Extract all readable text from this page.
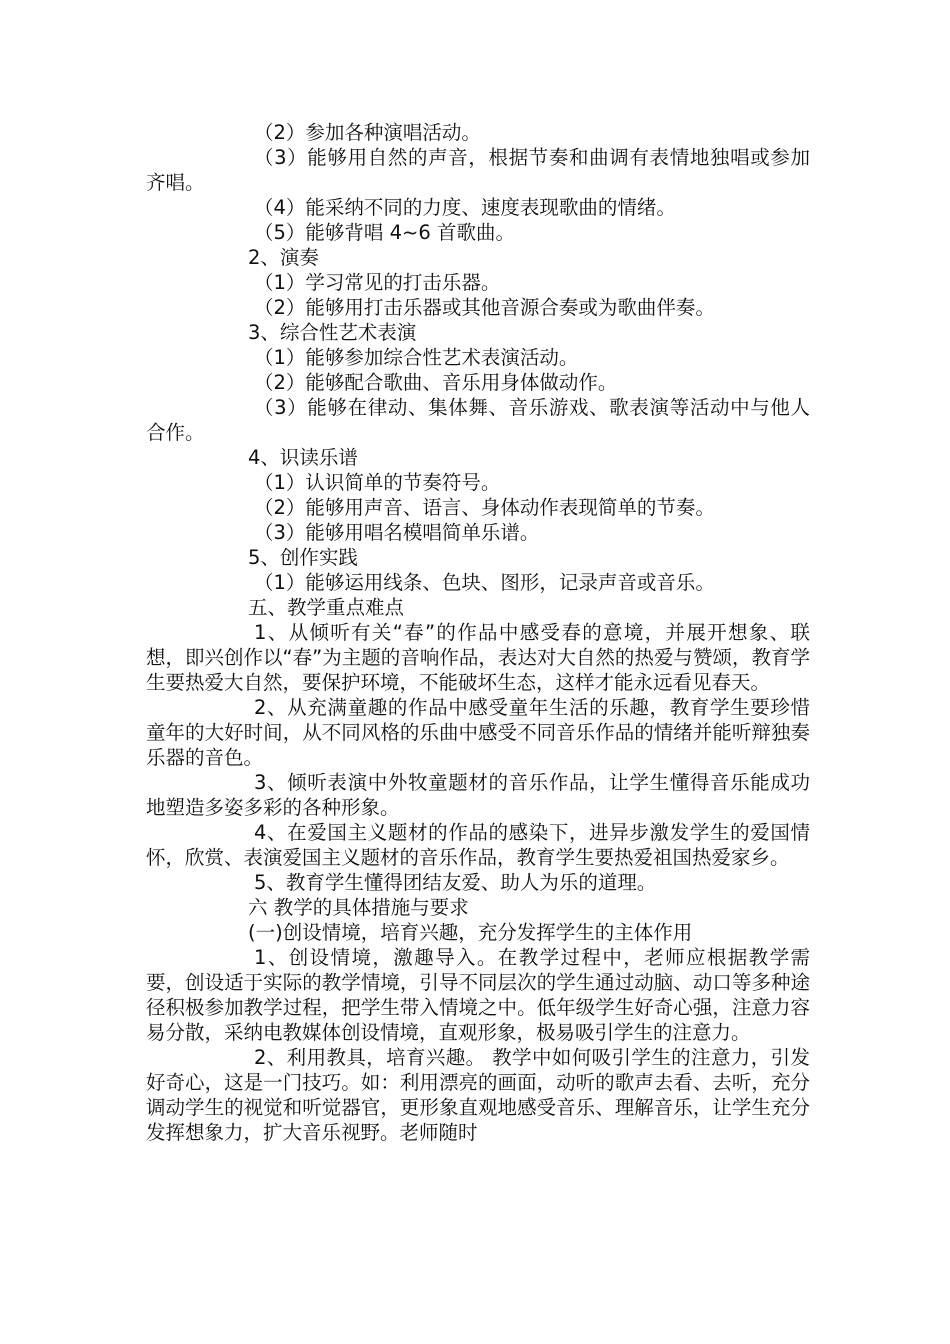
（2）参加各种演唱活动。
（3）能够用自然的声音，根据节奏和曲调有表情地独唱或参加齐唱。
（4）能采纳不同的力度、速度表现歌曲的情绪。
（5）能够背唱 4~6 首歌曲。
2、演奏
（1）学习常见的打击乐器。
（2）能够用打击乐器或其他音源合奏或为歌曲伴奏。
3、综合性艺术表演
（1）能够参加综合性艺术表演活动。
（2）能够配合歌曲、音乐用身体做动作。
（3）能够在律动、集体舞、音乐游戏、歌表演等活动中与他人合作。
4、识读乐谱
（1）认识简单的节奏符号。
（2）能够用声音、语言、身体动作表现简单的节奏。
（3）能够用唱名模唱简单乐谱。
5、创作实践
（1）能够运用线条、色块、图形，记录声音或音乐。
五、教学重点难点
1、从倾听有关“春”的作品中感受春的意境，并展开想象、联想，即兴创作以“春”为主题的音响作品，表达对大自然的热爱与赞颂，教育学生要热爱大自然，要保护环境，不能破坏生态，这样才能永远看见春天。
2、从充满童趣的作品中感受童年生活的乐趣，教育学生要珍惜童年的大好时间，从不同风格的乐曲中感受不同音乐作品的情绪并能听辩独奏乐器的音色。
3、倾听表演中外牧童题材的音乐作品，让学生懂得音乐能成功地塑造多姿多彩的各种形象。
4、在爱国主义题材的作品的感染下，进异步激发学生的爱国情怀，欣赏、表演爱国主义题材的音乐作品，教育学生要热爱祖国热爱家乡。
5、教育学生懂得团结友爱、助人为乐的道理。
六 教学的具体措施与要求
(一)创设情境，培育兴趣，充分发挥学生的主体作用
1、创设情境，激趣导入。在教学过程中，老师应根据教学需要，创设适于实际的教学情境，引导不同层次的学生通过动脑、动口等多种途径积极参加教学过程，把学生带入情境之中。低年级学生好奇心强，注意力容易分散，采纳电教媒体创设情境，直观形象，极易吸引学生的注意力。
2、利用教具，培育兴趣。 教学中如何吸引学生的注意力，引发好奇心，这是一门技巧。如：利用漂亮的画面，动听的歌声去看、去听，充分调动学生的视觉和听觉器官，更形象直观地感受音乐、理解音乐，让学生充分发挥想象力，扩大音乐视野。老师随时
